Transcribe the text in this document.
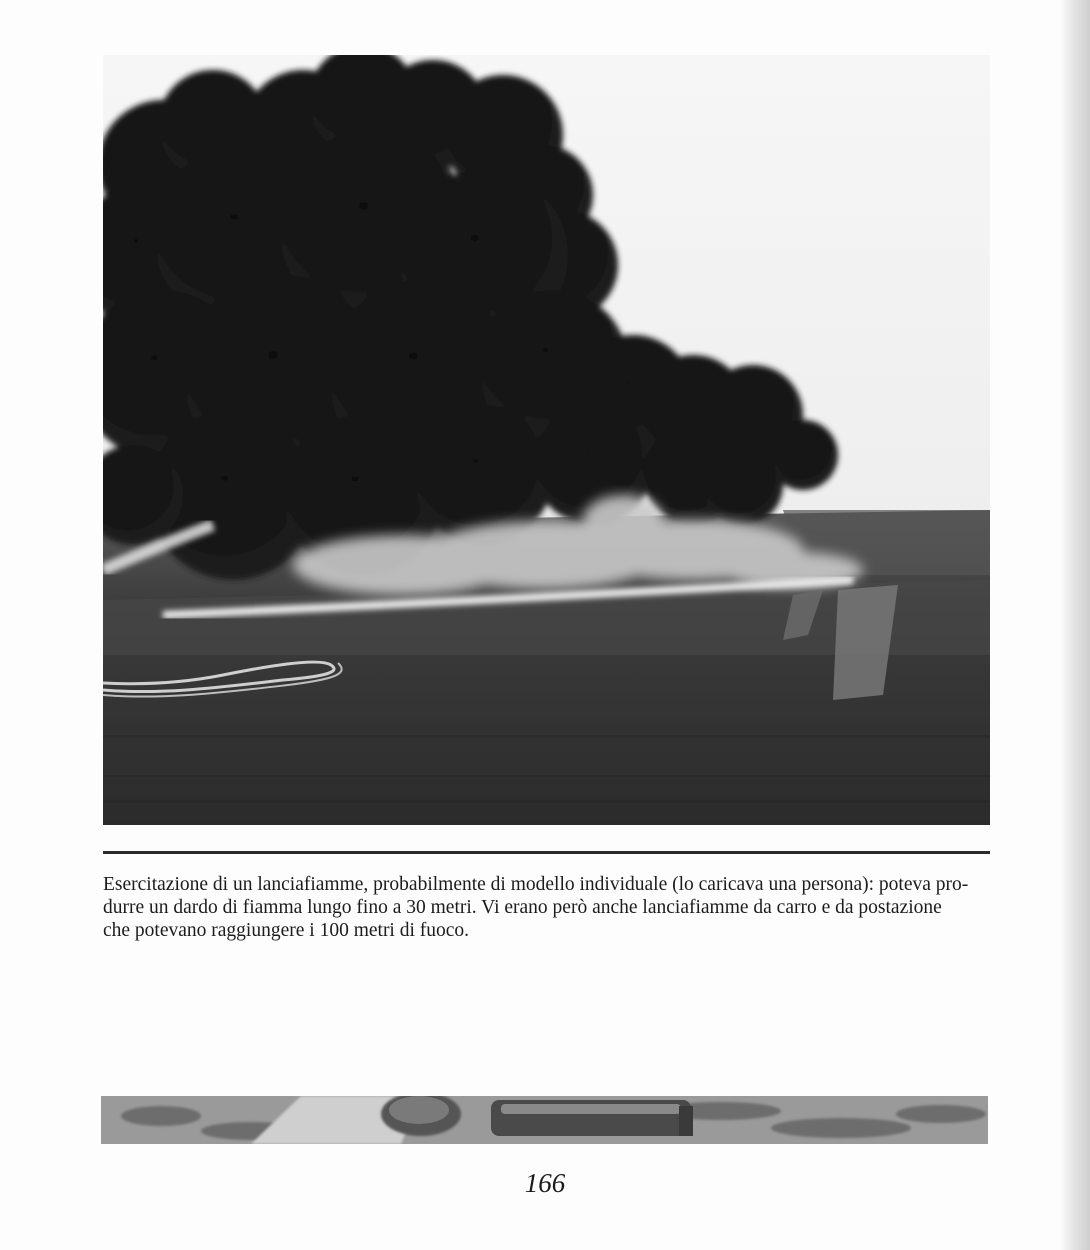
Esercitazione di un lanciafiamme, probabilmente di modello individuale (lo caricava una persona): poteva pro-
durre un dardo di fiamma lungo fino a 30 metri. Vi erano però anche lanciafiamme da carro e da postazione
che potevano raggiungere i 100 metri di fuoco.

166
